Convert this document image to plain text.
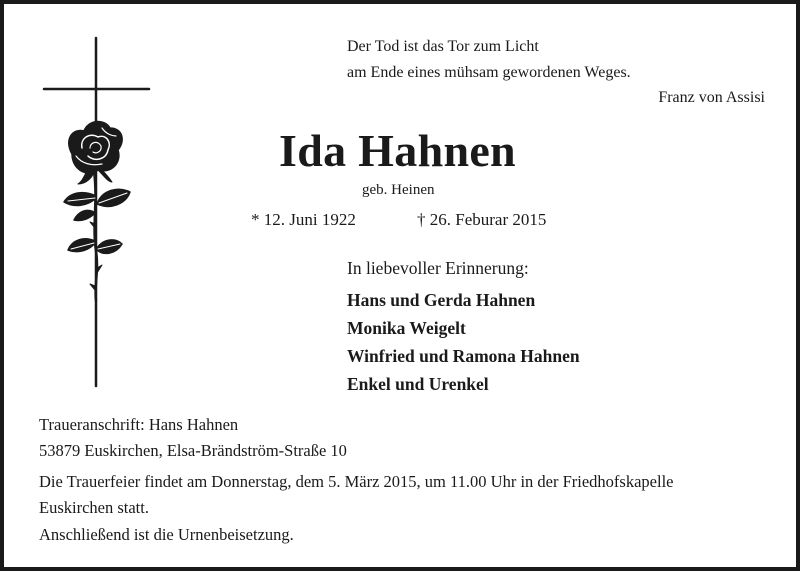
Der Tod ist das Tor zum Licht
am Ende eines mühsam gewordenen Weges.
Franz von Assisi
Ida Hahnen
geb. Heinen
* 12. Juni 1922	† 26. Feburar 2015
In liebevoller Erinnerung:
Hans und Gerda Hahnen
Monika Weigelt
Winfried und Ramona Hahnen
Enkel und Urenkel
Traueranschrift: Hans Hahnen
53879 Euskirchen, Elsa-Brändström-Straße 10
Die Trauerfeier findet am Donnerstag, dem 5. März 2015, um 11.00 Uhr in der Friedhofskapelle
Euskirchen statt.
Anschließend ist die Urnenbeisetzung.
